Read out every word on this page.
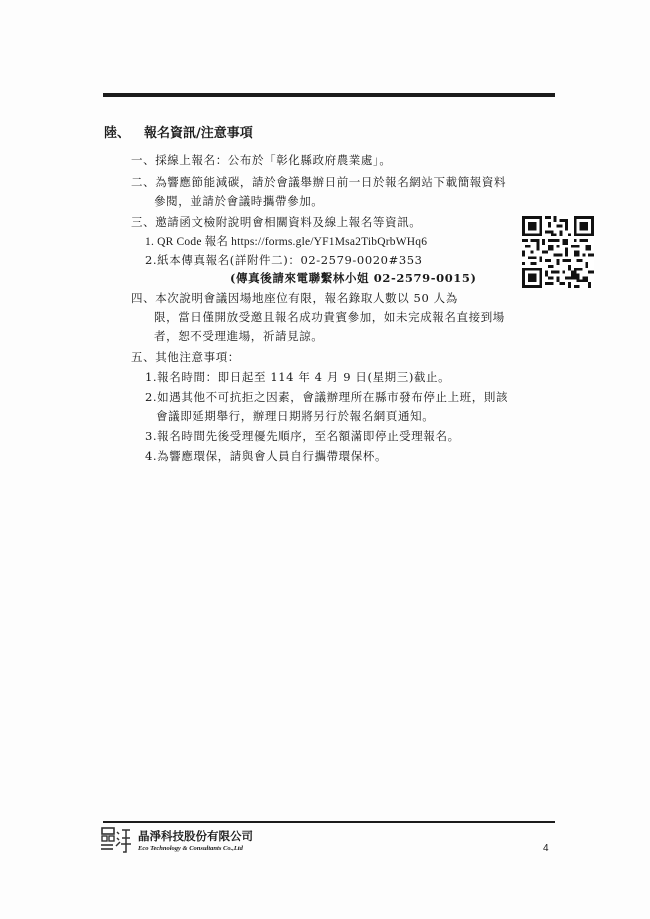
陸、 報名資訊/注意事項
一、採線上報名：公布於「彰化縣政府農業處」。
二、為響應節能減碳，請於會議舉辦日前一日於報名網站下載簡報資料
參閱，並請於會議時攜帶參加。
三、邀請函文檢附說明會相關資料及線上報名等資訊。
1. QR Code 報名 https://forms.gle/YF1Msa2TibQrbWHq6
2.紙本傳真報名(詳附件二)：02-2579-0020#353
(傳真後請來電聯繫林小姐 02-2579-0015)
四、本次說明會議因場地座位有限，報名錄取人數以 50 人為
限，當日僅開放受邀且報名成功貴賓參加，如未完成報名直接到場
者，恕不受理進場，祈請見諒。
五、其他注意事項：
1.報名時間：即日起至 114 年 4 月 9 日(星期三)截止。
2.如遇其他不可抗拒之因素，會議辦理所在縣市發布停止上班，則該
會議即延期舉行，辦理日期將另行於報名網頁通知。
3.報名時間先後受理優先順序，至名額滿即停止受理報名。
4.為響應環保，請與會人員自行攜帶環保杯。
晶淨科技股份有限公司
Eco Technology & Consultants Co.,Ltd	4
